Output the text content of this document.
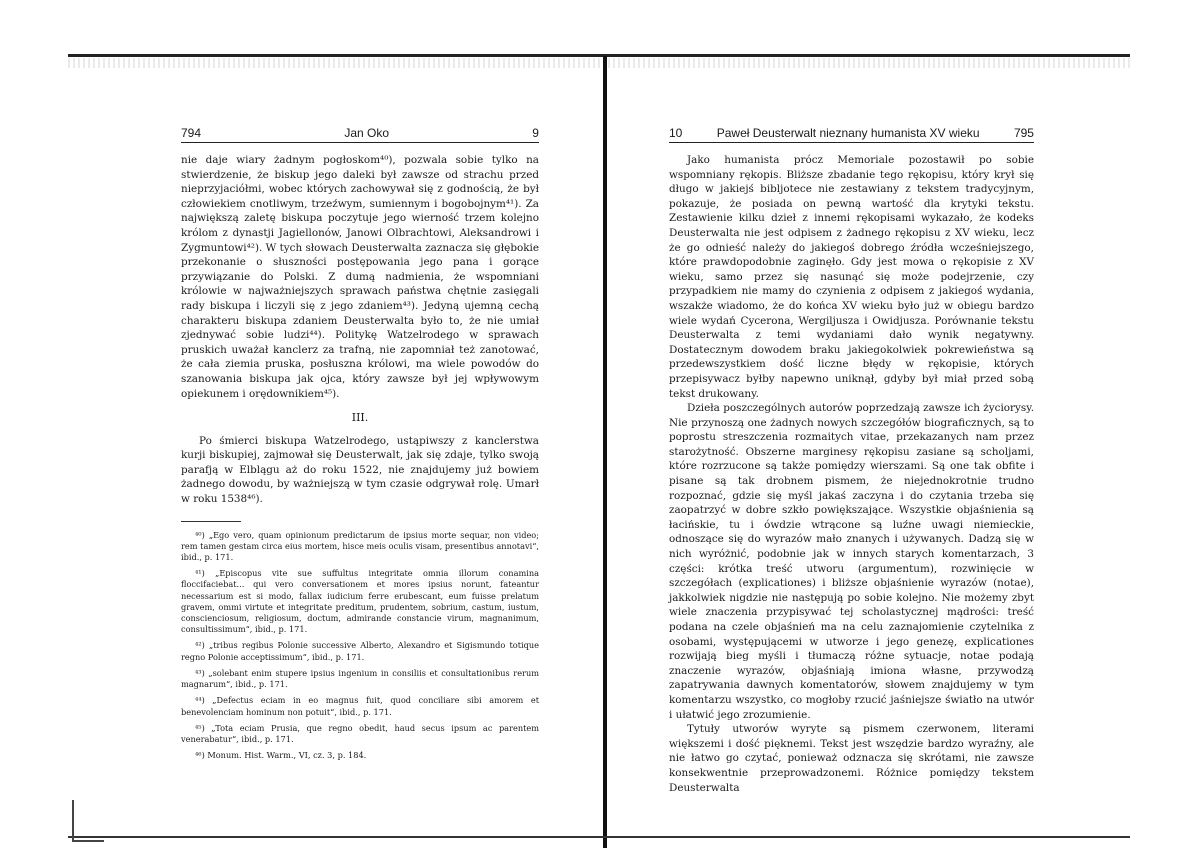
794	Jan Oko	9

nie daje wiary żadnym pogłoskom⁴⁰), pozwala sobie tylko na stwierdzenie, że biskup jego daleki był zawsze od strachu przed nieprzyjaciółmi, wobec których zachowywał się z godnością, że był człowiekiem cnotliwym, trzeźwym, sumiennym i bogobojnym⁴¹). Za największą zaletę biskupa poczytuje jego wierność trzem kolejno królom z dynastji Jagiellonów, Janowi Olbrachtowi, Aleksandrowi i Zygmuntowi⁴²). W tych słowach Deusterwalta zaznacza się głębokie przekonanie o słuszności postępowania jego pana i gorące przywiązanie do Polski. Z dumą nadmienia, że wspomniani królowie w najważniejszych sprawach państwa chętnie zasięgali rady biskupa i liczyli się z jego zdaniem⁴³). Jedyną ujemną cechą charakteru biskupa zdaniem Deusterwalta było to, że nie umiał zjednywać sobie ludzi⁴⁴). Politykę Watzelrodego w sprawach pruskich uważał kanclerz za trafną, nie zapomniał też zanotować, że cała ziemia pruska, posłuszna królowi, ma wiele powodów do szanowania biskupa jak ojca, który zawsze był jej wpływowym opiekunem i orędownikiem⁴⁵).

III.

Po śmierci biskupa Watzelrodego, ustąpiwszy z kanclerstwa kurji biskupiej, zajmował się Deusterwalt, jak się zdaje, tylko swoją parafją w Elblągu aż do roku 1522, nie znajdujemy już bowiem żadnego dowodu, by ważniejszą w tym czasie odgrywał rolę. Umarł w roku 1538⁴⁶).

⁴⁰) „Ego vero, quam opinionum predictarum de ipsius morte sequar, non video; rem tamen gestam circa eius mortem, hisce meis oculis visam, presentibus annotavi“, ibid., p. 171.

⁴¹) „Episcopus vite sue suffultus integritate omnia illorum conamina floccifaciebat... qui vero conversationem et mores ipsius norunt, fateantur necessarium est si modo, fallax iudicium ferre erubescant, eum fuisse prelatum gravem, ommi virtute et integritate preditum, prudentem, sobrium, castum, iustum, conscienciosum, religiosum, doctum, admirande constancie virum, magnanimum, consultissimum“, ibid., p. 171.

⁴²) „tribus regibus Polonie successive Alberto, Alexandro et Sigismundo totique regno Polonie acceptissimum“, ibid., p. 171.

⁴³) „solebant enim stupere ipsius ingenium in consiliis et consultationibus rerum magnarum“, ibid., p. 171.

⁴⁴) „Defectus eciam in eo magnus fuit, quod conciliare sibi amorem et benevolenciam hominum non potuit“, ibid., p. 171.

⁴⁵) „Tota eciam Prusia, que regno obedit, haud secus ipsum ac parentem venerabatur“, ibid., p. 171.

⁴⁶) Monum. Hist. Warm., VI, cz. 3, p. 184.

10	Paweł Deusterwalt nieznany humanista XV wieku	795

Jako humanista prócz Memoriale pozostawił po sobie wspomniany rękopis. Bliższe zbadanie tego rękopisu, który krył się długo w jakiejś bibljotece nie zestawiany z tekstem tradycyjnym, pokazuje, że posiada on pewną wartość dla krytyki tekstu. Zestawienie kilku dzieł z innemi rękopisami wykazało, że kodeks Deusterwalta nie jest odpisem z żadnego rękopisu z XV wieku, lecz że go odnieść należy do jakiegoś dobrego źródła wcześniejszego, które prawdopodobnie zaginęło. Gdy jest mowa o rękopisie z XV wieku, samo przez się nasunąć się może podejrzenie, czy przypadkiem nie mamy do czynienia z odpisem z jakiegoś wydania, wszakże wiadomo, że do końca XV wieku było już w obiegu bardzo wiele wydań Cycerona, Wergiljusza i Owidjusza. Porównanie tekstu Deusterwalta z temi wydaniami dało wynik negatywny. Dostatecznym dowodem braku jakiegokolwiek pokrewieństwa są przedewszystkiem dość liczne błędy w rękopisie, których przepisywacz byłby napewno uniknął, gdyby był miał przed sobą tekst drukowany.

Dzieła poszczególnych autorów poprzedzają zawsze ich życiorysy. Nie przynoszą one żadnych nowych szczegółów biograficznych, są to poprostu streszczenia rozmaitych vitae, przekazanych nam przez starożytność. Obszerne marginesy rękopisu zasiane są scholjami, które rozrzucone są także pomiędzy wierszami. Są one tak obfite i pisane są tak drobnem pismem, że niejednokrotnie trudno rozpoznać, gdzie się myśl jakaś zaczyna i do czytania trzeba się zaopatrzyć w dobre szkło powiększające. Wszystkie objaśnienia są łacińskie, tu i ówdzie wtrącone są luźne uwagi niemieckie, odnoszące się do wyrazów mało znanych i używanych. Dadzą się w nich wyróżnić, podobnie jak w innych starych komentarzach, 3 części: krótka treść utworu (argumentum), rozwinięcie w szczegółach (explicationes) i bliższe objaśnienie wyrazów (notae), jakkolwiek nigdzie nie następują po sobie kolejno. Nie możemy zbyt wiele znaczenia przypisywać tej scholastycznej mądrości: treść podana na czele objaśnień ma na celu zaznajomienie czytelnika z osobami, występującemi w utworze i jego genezę, explicationes rozwijają bieg myśli i tłumaczą różne sytuacje, notae podają znaczenie wyrazów, objaśniają imiona własne, przywodzą zapatrywania dawnych komentatorów, słowem znajdujemy w tym komentarzu wszystko, co mogłoby rzucić jaśniejsze światło na utwór i ułatwić jego zrozumienie.

Tytuły utworów wyryte są pismem czerwonem, literami większemi i dość pięknemi. Tekst jest wszędzie bardzo wyraźny, ale nie łatwo go czytać, ponieważ odznacza się skrótami, nie zawsze konsekwentnie przeprowadzonemi. Różnice pomiędzy tekstem Deusterwalta
